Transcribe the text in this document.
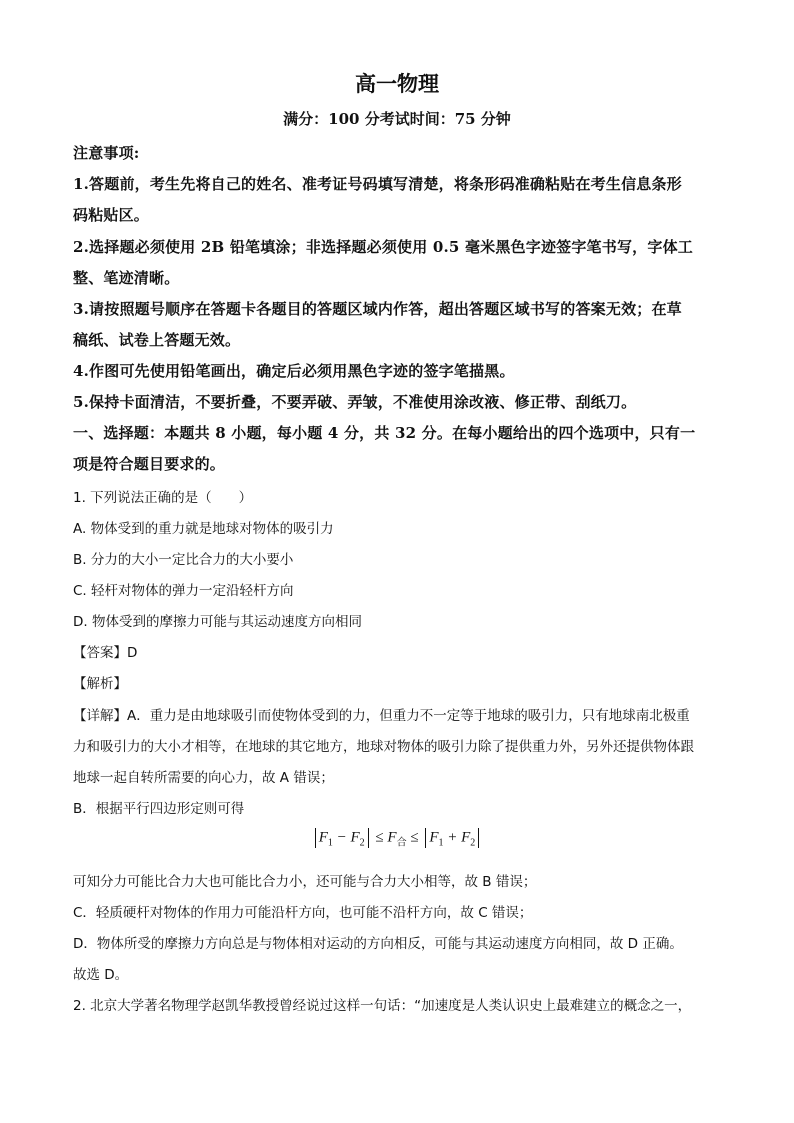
高一物理
满分：100 分考试时间：75 分钟
注意事项:
1.答题前，考生先将自己的姓名、准考证号码填写清楚，将条形码准确粘贴在考生信息条形
码粘贴区。
2.选择题必须使用 2B 铅笔填涂；非选择题必须使用 0.5 毫米黑色字迹签字笔书写，字体工
整、笔迹清晰。
3.请按照题号顺序在答题卡各题目的答题区域内作答，超出答题区域书写的答案无效；在草
稿纸、试卷上答题无效。
4.作图可先使用铅笔画出，确定后必须用黑色字迹的签字笔描黑。
5.保持卡面清洁，不要折叠，不要弄破、弄皱，不准使用涂改液、修正带、刮纸刀。
一、选择题：本题共 8 小题，每小题 4 分，共 32 分。在每小题给出的四个选项中，只有一
项是符合题目要求的。
1. 下列说法正确的是（　　）
A. 物体受到的重力就是地球对物体的吸引力
B. 分力的大小一定比合力的大小要小
C. 轻杆对物体的弹力一定沿轻杆方向
D. 物体受到的摩擦力可能与其运动速度方向相同
【答案】D
【解析】
【详解】A．重力是由地球吸引而使物体受到的力，但重力不一定等于地球的吸引力，只有地球南北极重
力和吸引力的大小才相等，在地球的其它地方，地球对物体的吸引力除了提供重力外，另外还提供物体跟
地球一起自转所需要的向心力，故 A 错误；
B．根据平行四边形定则可得
$F_1 - F_2 \le F_合 \le F_1 + F_2$
可知分力可能比合力大也可能比合力小，还可能与合力大小相等，故 B 错误；
C．轻质硬杆对物体的作用力可能沿杆方向，也可能不沿杆方向，故 C 错误；
D．物体所受的摩擦力方向总是与物体相对运动的方向相反，可能与其运动速度方向相同，故 D 正确。
故选 D。
2. 北京大学著名物理学赵凯华教授曾经说过这样一句话：“加速度是人类认识史上最难建立的概念之一，
